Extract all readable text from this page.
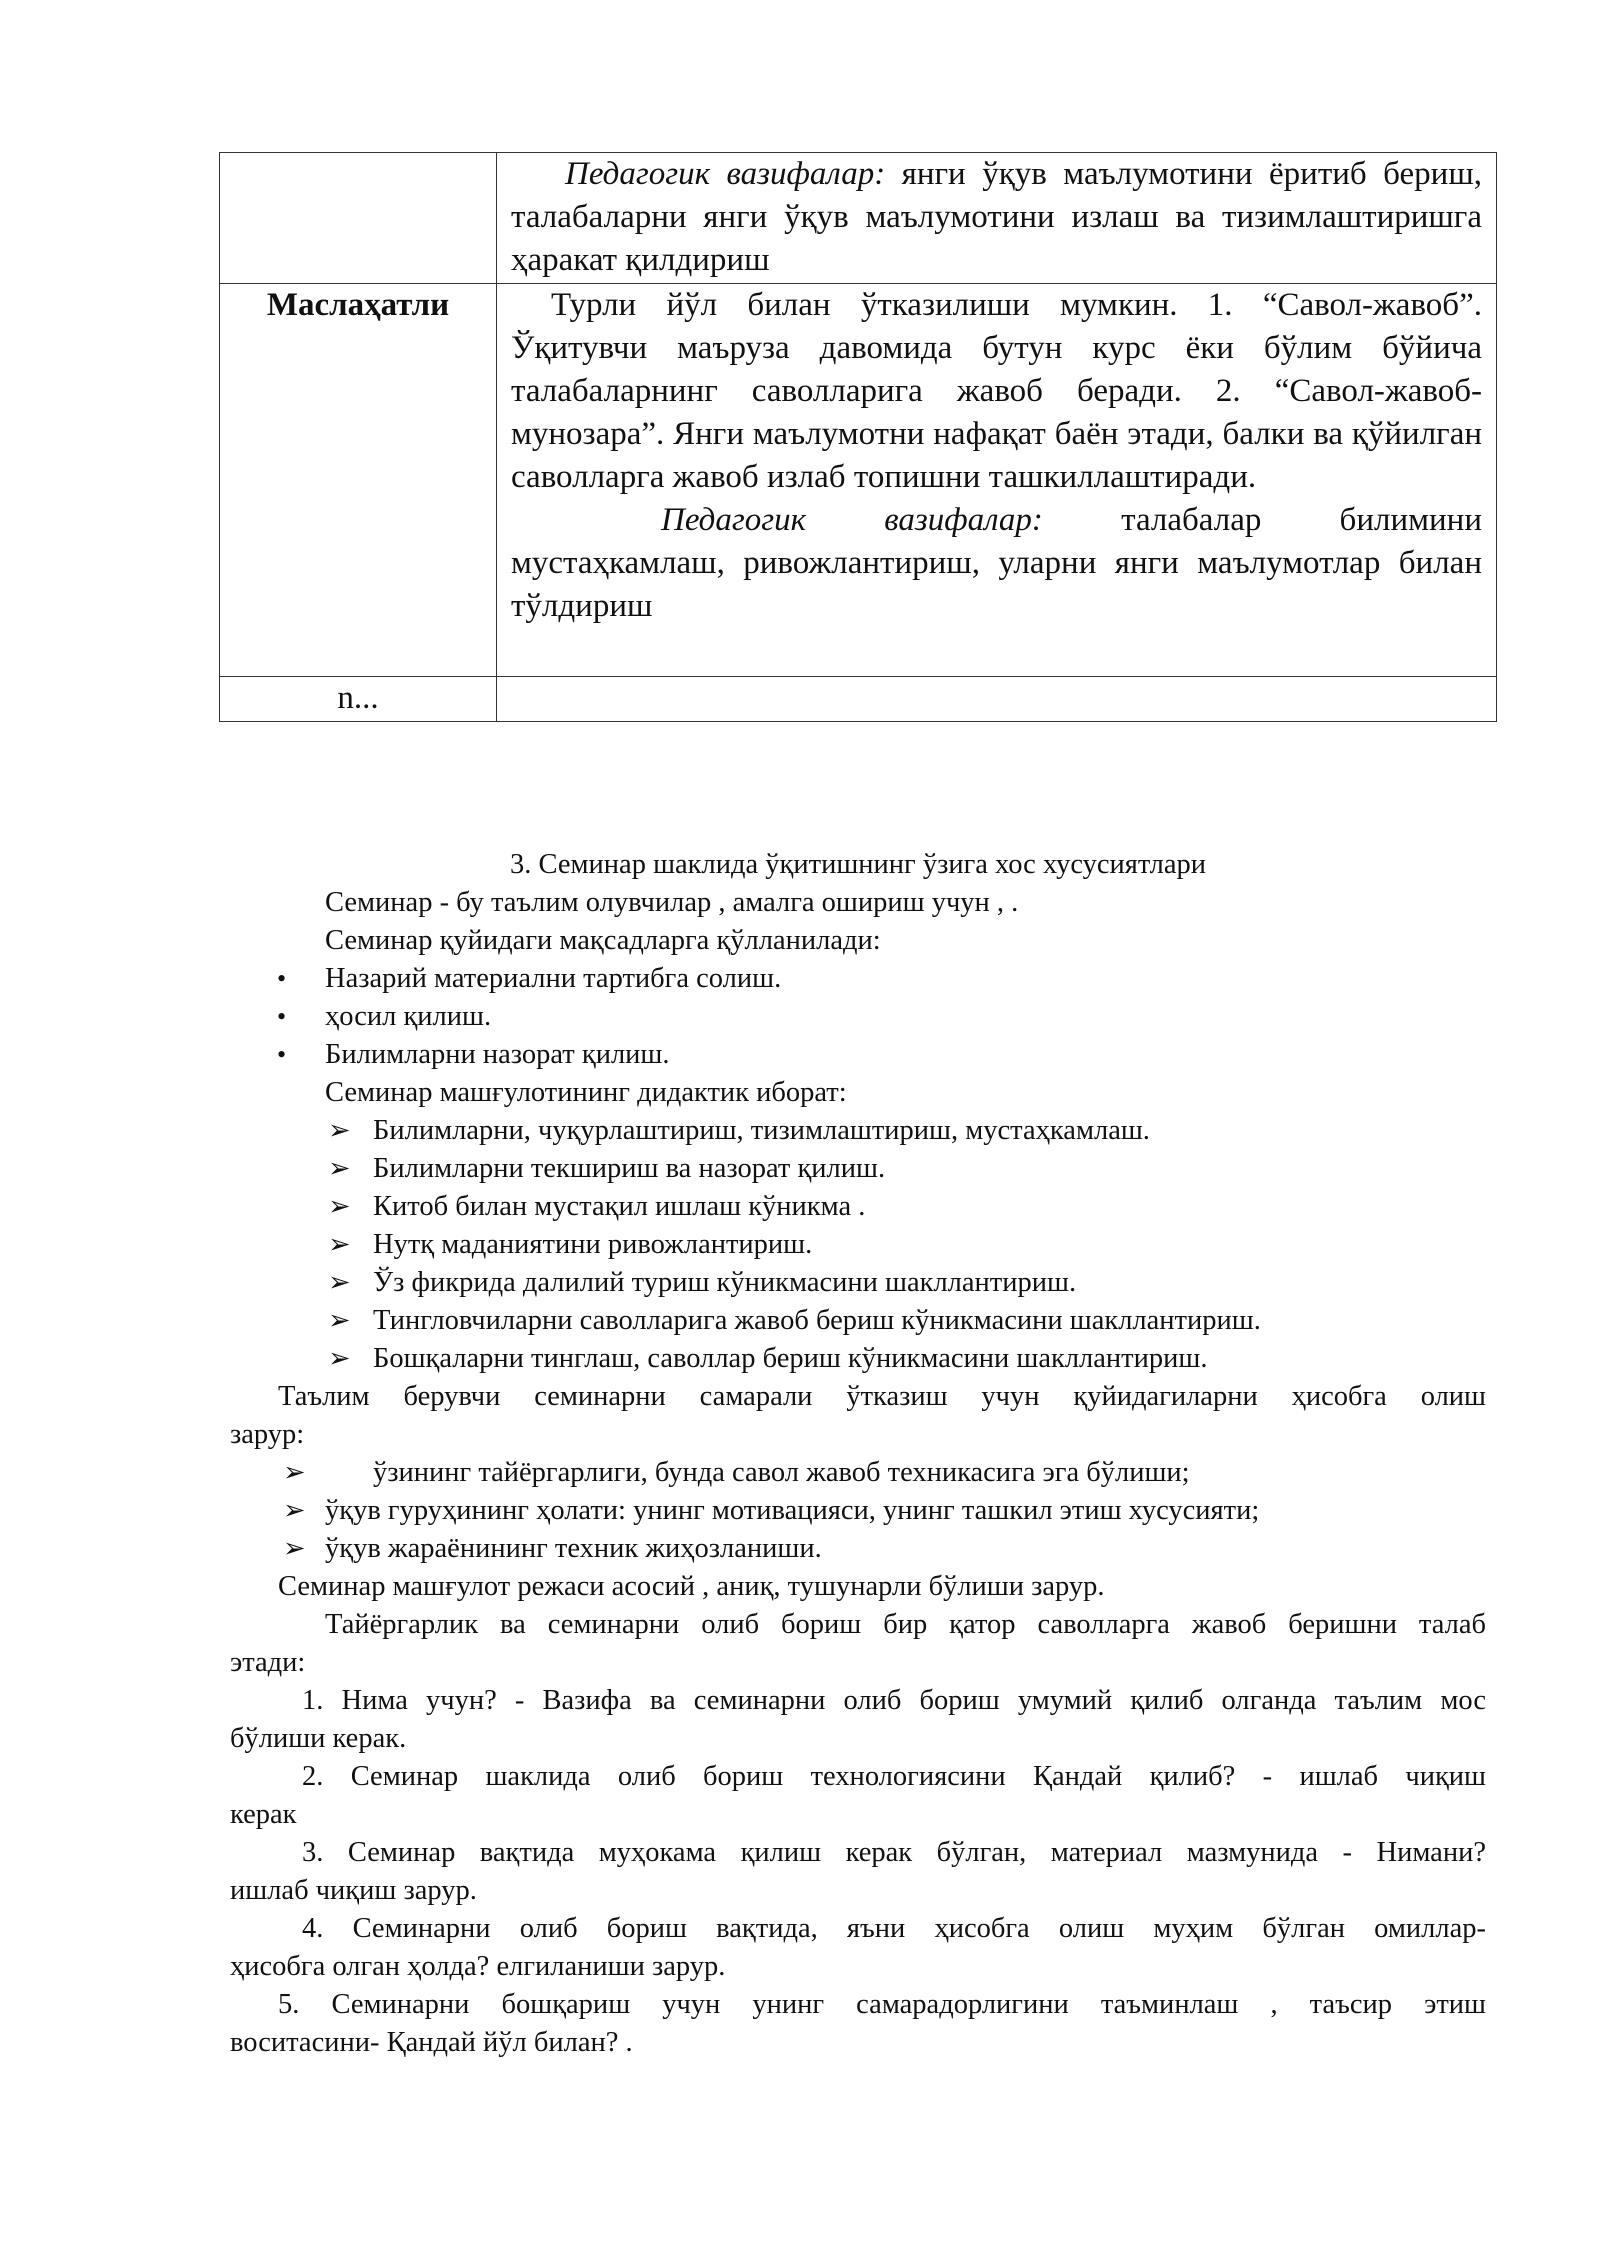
	Педагогик вазифалар: янги ўқув маълумотини ёритиб бериш, талабаларни янги ўқув маълумотини излаш ва тизимлаштиришга ҳаракат қилдириш

Маслаҳатли	Турли йўл билан ўтказилиши мумкин. 1. “Савол-жавоб”. Ўқитувчи маъруза давомида бутун курс ёки бўлим бўйича талабаларнинг саволларига жавоб беради. 2. “Савол-жавоб-мунозара”. Янги маълумотни нафақат баён этади, балки ва қўйилган саволларга жавоб излаб топишни ташкиллаштиради.
Педагогик вазифалар: талабалар билимини мустаҳкамлаш, ривожлантириш, уларни янги маълумотлар билан тўлдириш

n...	
3. Семинар шаклида ўқитишнинг ўзига хос хусусиятлари
Семинар - бу таълим олувчилар , амалга ошириш учун , .
Семинар қуйидаги мақсадларга қўлланилади:
• Назарий материални тартибга солиш.
• ҳосил қилиш.
• Билимларни назорат қилиш.
Семинар машғулотининг дидактик иборат:
➢ Билимларни, чуқурлаштириш, тизимлаштириш, мустаҳкамлаш.
➢ Билимларни текшириш ва назорат қилиш.
➢ Китоб билан мустақил ишлаш кўникма .
➢ Нутқ маданиятини ривожлантириш.
➢ Ўз фикрида далилий туриш кўникмасини шакллантириш.
➢ Тингловчиларни саволларига жавоб бериш кўникмасини шакллантириш.
➢ Бошқаларни тинглаш, саволлар бериш кўникмасини шакллантириш.
Таълим берувчи семинарни самарали ўтказиш учун қуйидагиларни ҳисобга олиш
зарур:
➢ ўзининг тайёргарлиги, бунда савол жавоб техникасига эга бўлиши;
➢ ўқув гуруҳининг ҳолати: унинг мотивацияси, унинг ташкил этиш хусусияти;
➢ ўқув жараёнининг техник жиҳозланиши.
Семинар машғулот режаси асосий , аниқ, тушунарли бўлиши зарур.
Тайёргарлик ва семинарни олиб бориш бир қатор саволларга жавоб беришни талаб
этади:
1. Нима учун? - Вазифа ва семинарни олиб бориш умумий қилиб олганда таълим мос
бўлиши керак.
2. Семинар шаклида олиб бориш технологиясини Қандай қилиб? - ишлаб чиқиш
керак
3. Семинар вақтида муҳокама қилиш керак бўлган, материал мазмунида - Нимани?
ишлаб чиқиш зарур.
4. Семинарни олиб бориш вақтида, яъни ҳисобга олиш муҳим бўлган омиллар-
ҳисобга олган ҳолда? елгиланиши зарур.
5. Семинарни бошқариш учун унинг самарадорлигини таъминлаш , таъсир этиш
воситасини- Қандай йўл билан? .
